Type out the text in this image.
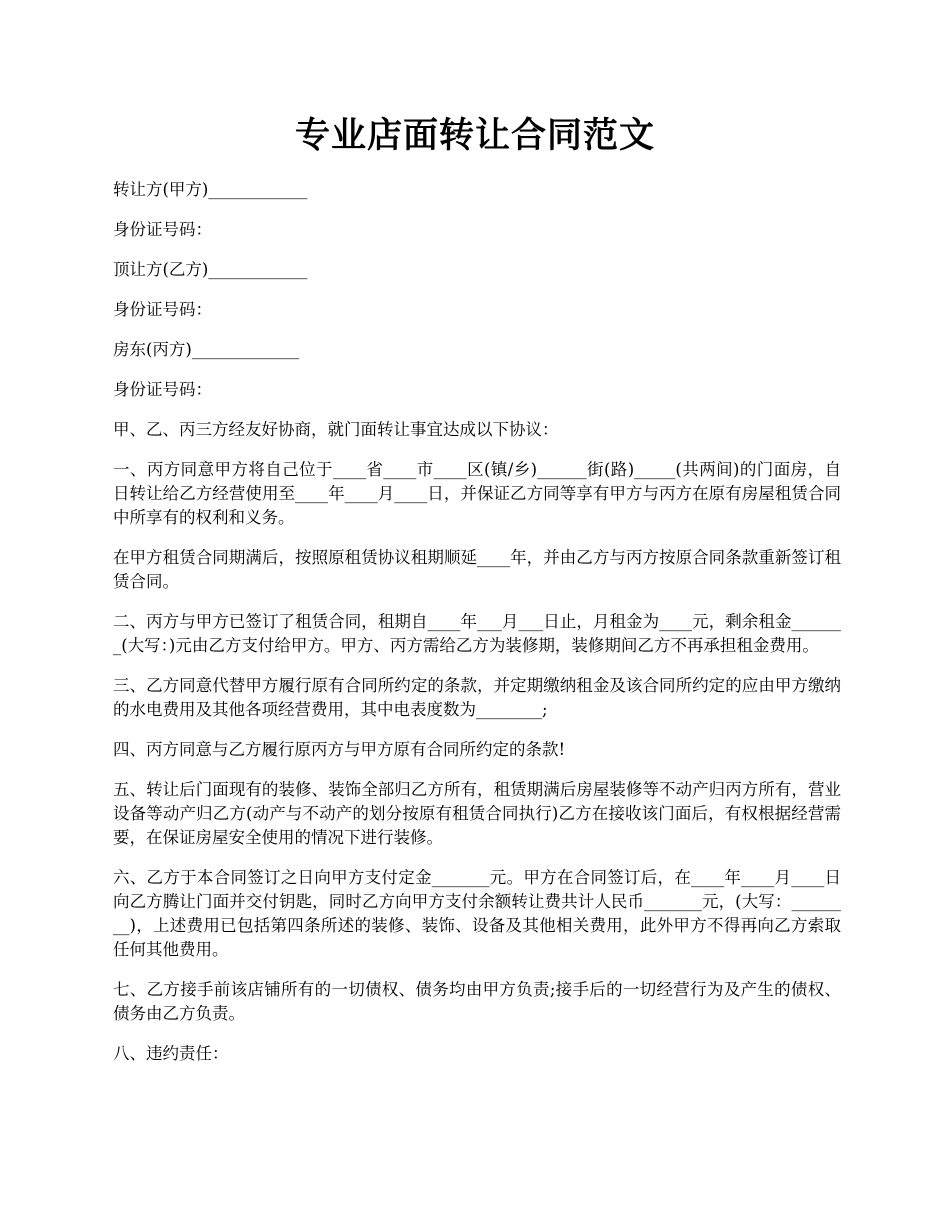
专业店面转让合同范文

转让方(甲方)____________

身份证号码：

顶让方(乙方)____________

身份证号码：

房东(丙方)_____________

身份证号码：

甲、乙、丙三方经友好协商，就门面转让事宜达成以下协议：

一、丙方同意甲方将自己位于____省____市____区(镇/乡)______街(路)_____(共两间)的门面房，自日转让给乙方经营使用至____年____月____日，并保证乙方同等享有甲方与丙方在原有房屋租赁合同中所享有的权利和义务。

在甲方租赁合同期满后，按照原租赁协议租期顺延____年，并由乙方与丙方按原合同条款重新签订租赁合同。

二、丙方与甲方已签订了租赁合同，租期自____年___月___日止，月租金为____元，剩余租金_______(大写：)元由乙方支付给甲方。甲方、丙方需给乙方为装修期，装修期间乙方不再承担租金费用。

三、乙方同意代替甲方履行原有合同所约定的条款，并定期缴纳租金及该合同所约定的应由甲方缴纳的水电费用及其他各项经营费用，其中电表度数为________;

四、丙方同意与乙方履行原丙方与甲方原有合同所约定的条款!

五、转让后门面现有的装修、装饰全部归乙方所有，租赁期满后房屋装修等不动产归丙方所有，营业设备等动产归乙方(动产与不动产的划分按原有租赁合同执行)乙方在接收该门面后，有权根据经营需要，在保证房屋安全使用的情况下进行装修。

六、乙方于本合同签订之日向甲方支付定金_______元。甲方在合同签订后，在____年____月____日向乙方腾让门面并交付钥匙，同时乙方向甲方支付余额转让费共计人民币_______元，(大写：________)，上述费用已包括第四条所述的装修、装饰、设备及其他相关费用，此外甲方不得再向乙方索取任何其他费用。

七、乙方接手前该店铺所有的一切债权、债务均由甲方负责;接手后的一切经营行为及产生的债权、债务由乙方负责。

八、违约责任：
